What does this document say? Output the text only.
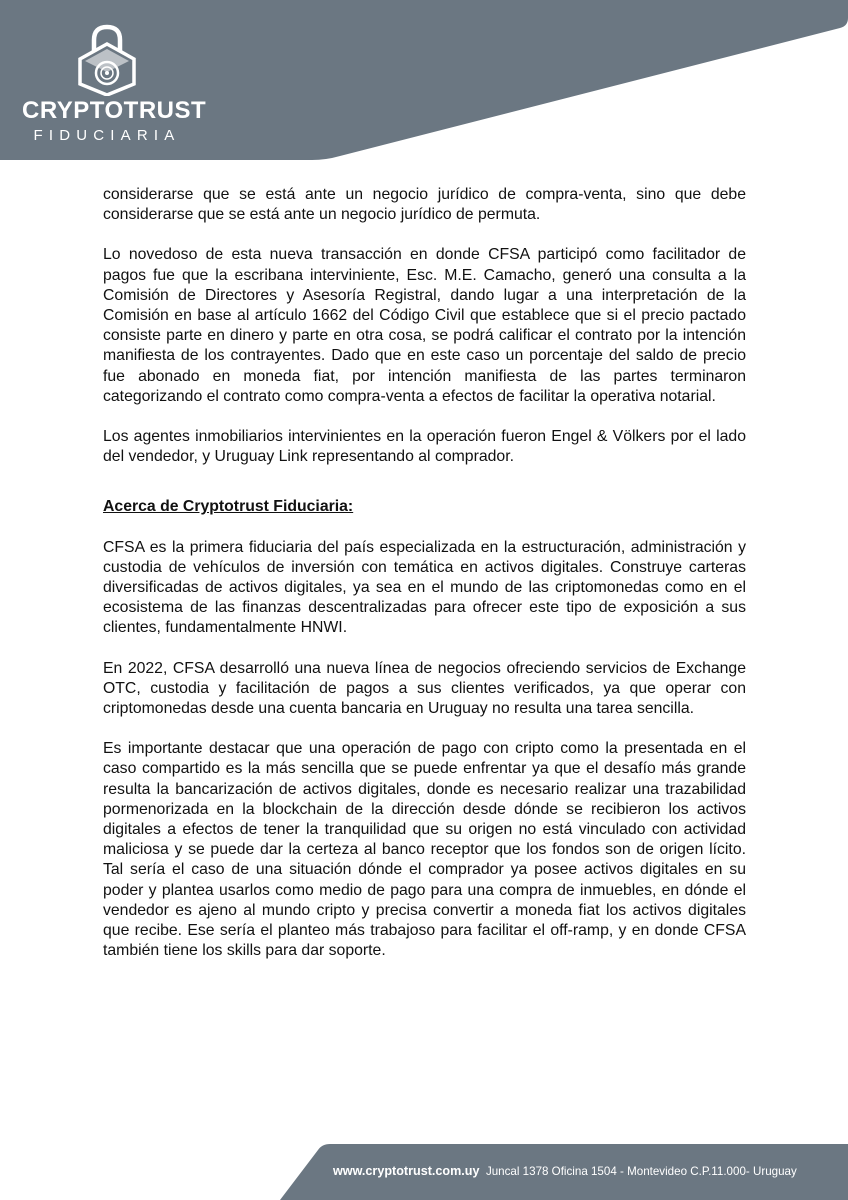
CRYPTOTRUST
FIDUCIARIA

considerarse que se está ante un negocio jurídico de compra-venta, sino que debe considerarse que se está ante un negocio jurídico de permuta.

Lo novedoso de esta nueva transacción en donde CFSA participó como facilitador de pagos fue que la escribana interviniente, Esc. M.E. Camacho, generó una consulta a la Comisión de Directores y Asesoría Registral, dando lugar a una interpretación de la Comisión en base al artículo 1662 del Código Civil que establece que si el precio pactado consiste parte en dinero y parte en otra cosa, se podrá calificar el contrato por la intención manifiesta de los contrayentes. Dado que en este caso un porcentaje del saldo de precio fue abonado en moneda fiat, por intención manifiesta de las partes terminaron categorizando el contrato como compra-venta a efectos de facilitar la operativa notarial.

Los agentes inmobiliarios intervinientes en la operación fueron Engel & Völkers por el lado del vendedor, y Uruguay Link representando al comprador.

Acerca de Cryptotrust Fiduciaria:

CFSA es la primera fiduciaria del país especializada en la estructuración, administración y custodia de vehículos de inversión con temática en activos digitales. Construye carteras diversificadas de activos digitales, ya sea en el mundo de las criptomonedas como en el ecosistema de las finanzas descentralizadas para ofrecer este tipo de exposición a sus clientes, fundamentalmente HNWI.

En 2022, CFSA desarrolló una nueva línea de negocios ofreciendo servicios de Exchange OTC, custodia y facilitación de pagos a sus clientes verificados, ya que operar con criptomonedas desde una cuenta bancaria en Uruguay no resulta una tarea sencilla.

Es importante destacar que una operación de pago con cripto como la presentada en el caso compartido es la más sencilla que se puede enfrentar ya que el desafío más grande resulta la bancarización de activos digitales, donde es necesario realizar una trazabilidad pormenorizada en la blockchain de la dirección desde dónde se recibieron los activos digitales a efectos de tener la tranquilidad que su origen no está vinculado con actividad maliciosa y se puede dar la certeza al banco receptor que los fondos son de origen lícito. Tal sería el caso de una situación dónde el comprador ya posee activos digitales en su poder y plantea usarlos como medio de pago para una compra de inmuebles, en dónde el vendedor es ajeno al mundo cripto y precisa convertir a moneda fiat los activos digitales que recibe. Ese sería el planteo más trabajoso para facilitar el off-ramp, y en donde CFSA también tiene los skills para dar soporte.

www.cryptotrust.com.uy Juncal 1378 Oficina 1504 - Montevideo C.P.11.000- Uruguay
